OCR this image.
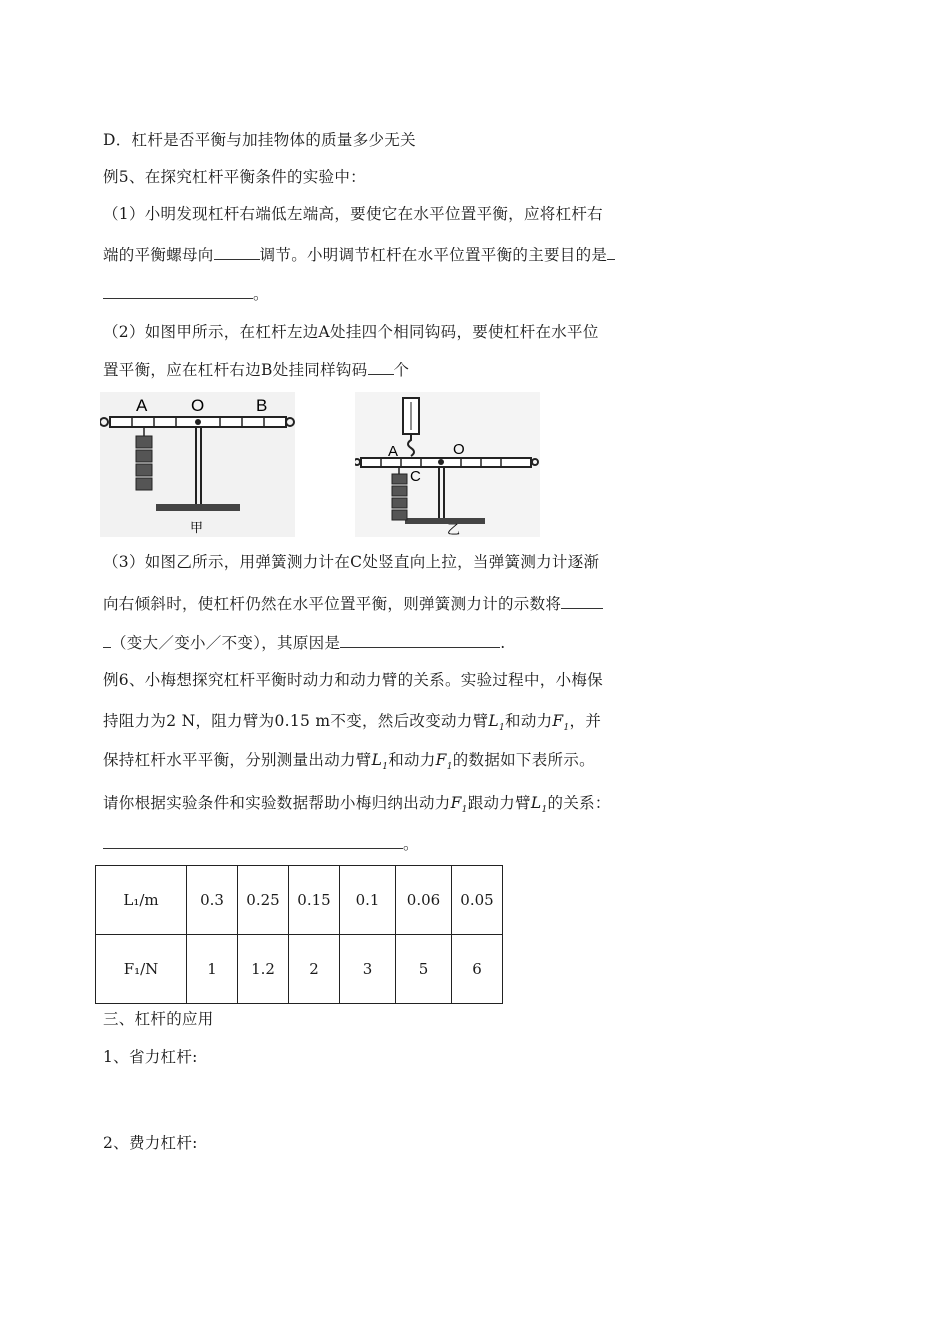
D．杠杆是否平衡与加挂物体的质量多少无关
例5、在探究杠杆平衡条件的实验中：
（1）小明发现杠杆右端低左端高，要使它在水平位置平衡，应将杠杆右
端的平衡螺母向	调节。小明调节杠杆在水平位置平衡的主要目的是
。
（2）如图甲所示，在杠杆左边A处挂四个相同钩码，要使杠杆在水平位
置平衡，应在杠杆右边B处挂同样钩码 个
A	O	B
甲
A	O
C
乙
（3）如图乙所示，用弹簧测力计在C处竖直向上拉，当弹簧测力计逐渐
向右倾斜时，使杠杆仍然在水平位置平衡，则弹簧测力计的示数将
（变大／变小／不变），其原因是	.
例6、小梅想探究杠杆平衡时动力和动力臂的关系。实验过程中，小梅保
持阻力为2 N，阻力臂为0.15 m不变，然后改变动力臂$L_1$和动力$F_1$，并
保持杠杆水平平衡，分别测量出动力臂$L_1$和动力$F_1$的数据如下表所示。
请你根据实验条件和实验数据帮助小梅归纳出动力$F_1$跟动力臂$L_1$的关系：
。
L₁/m	0.3	0.25	0.15	0.1	0.06	0.05
F₁/N	1	1.2	2	3	5	6
三、杠杆的应用
1、省力杠杆:
2、费力杠杆:
